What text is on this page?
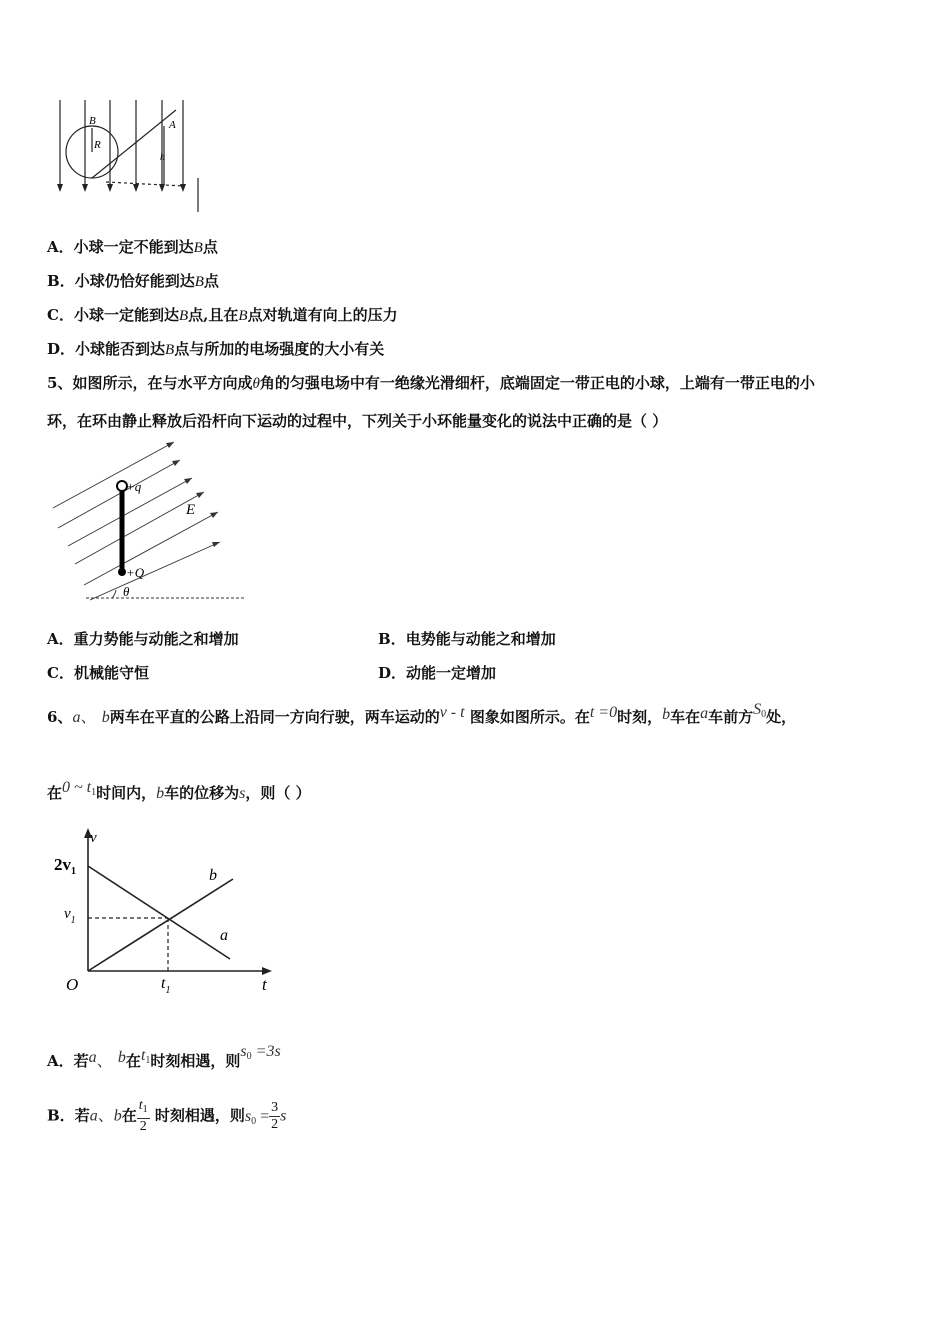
B
R
A
h
A．小球一定不能到达B点
B．小球仍恰好能到达B点
C．小球一定能到达B点,且在B点对轨道有向上的压力
D．小球能否到达B点与所加的电场强度的大小有关
5、如图所示，在与水平方向成θ角的匀强电场中有一绝缘光滑细杆，底端固定一带正电的小球，上端有一带正电的小
环，在环由静止释放后沿杆向下运动的过程中，下列关于小环能量变化的说法中正确的是（ ）
+q
+Q
E
θ
A．重力势能与动能之和增加	B．电势能与动能之和增加
C．机械能守恒	D．动能一定增加
6、a、 b两车在平直的公路上沿同一方向行驶，两车运动的v - t 图象如图所示。在t =0时刻，b车在a车前方$S_0$处，
在0 ~ $t_1$时间内，b车的位移为s，则（ ）
v
t
O
$2v_1$
$v_1$
$t_1$
b
a
A．若a、 b在$t_1$时刻相遇，则$s_0 =3s$
B．若a、b在 $\frac{t_1}{2}$ 时刻相遇，则$s_0 = \frac{3}{2}$ s
